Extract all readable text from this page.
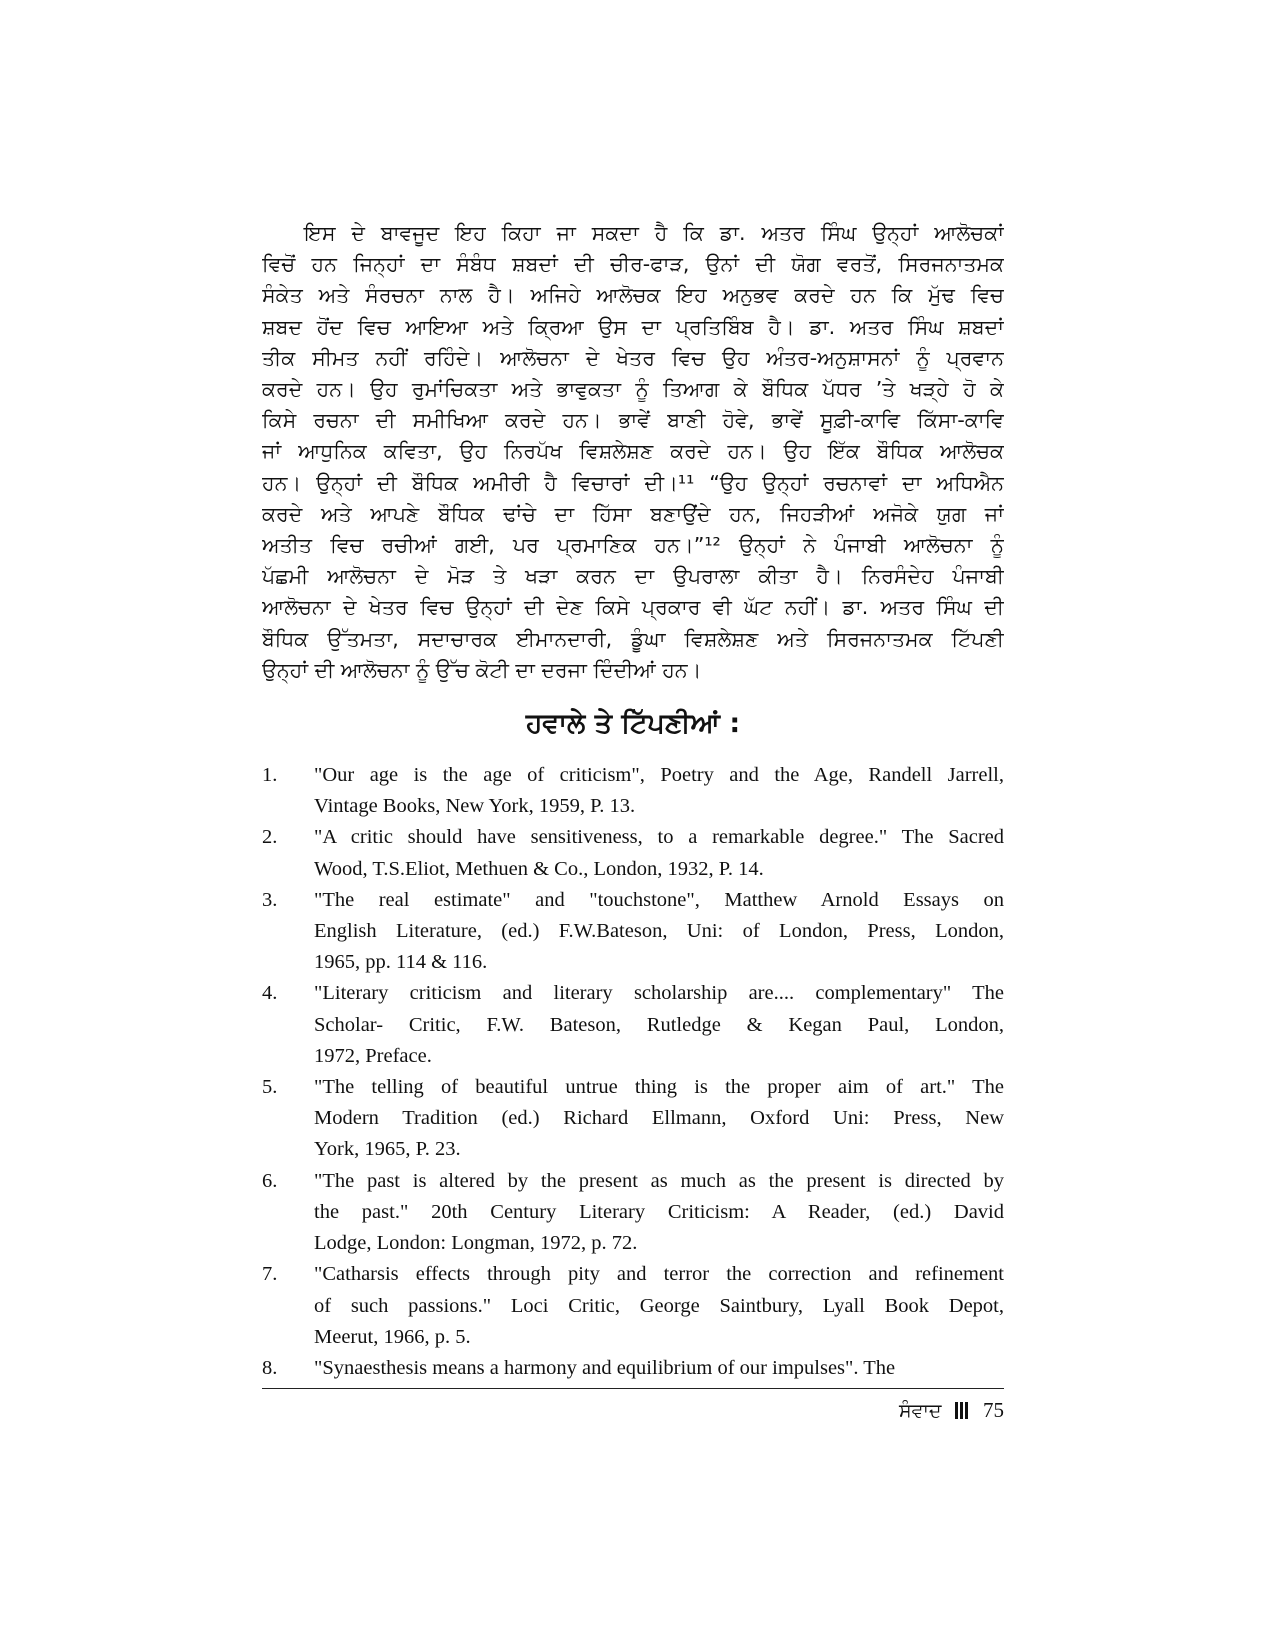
ਇਸ ਦੇ ਬਾਵਜੂਦ ਇਹ ਕਿਹਾ ਜਾ ਸਕਦਾ ਹੈ ਕਿ ਡਾ. ਅਤਰ ਸਿੰਘ ਉਨ੍ਹਾਂ ਆਲੋਚਕਾਂ
ਵਿਚੋਂ ਹਨ ਜਿਨ੍ਹਾਂ ਦਾ ਸੰਬੰਧ ਸ਼ਬਦਾਂ ਦੀ ਚੀਰ-ਫਾੜ, ਉਨਾਂ ਦੀ ਯੋਗ ਵਰਤੋਂ, ਸਿਰਜਨਾਤਮਕ
ਸੰਕੇਤ ਅਤੇ ਸੰਰਚਨਾ ਨਾਲ ਹੈ। ਅਜਿਹੇ ਆਲੋਚਕ ਇਹ ਅਨੁਭਵ ਕਰਦੇ ਹਨ ਕਿ ਮੁੱਢ ਵਿਚ
ਸ਼ਬਦ ਹੋਂਦ ਵਿਚ ਆਇਆ ਅਤੇ ਕ੍ਰਿਆ ਉਸ ਦਾ ਪ੍ਰਤਿਬਿੰਬ ਹੈ। ਡਾ. ਅਤਰ ਸਿੰਘ ਸ਼ਬਦਾਂ
ਤੀਕ ਸੀਮਤ ਨਹੀਂ ਰਹਿੰਦੇ। ਆਲੋਚਨਾ ਦੇ ਖੇਤਰ ਵਿਚ ਉਹ ਅੰਤਰ-ਅਨੁਸ਼ਾਸਨਾਂ ਨੂੰ ਪ੍ਰਵਾਨ
ਕਰਦੇ ਹਨ। ਉਹ ਰੁਮਾਂਚਿਕਤਾ ਅਤੇ ਭਾਵੁਕਤਾ ਨੂੰ ਤਿਆਗ ਕੇ ਬੌਧਿਕ ਪੱਧਰ ’ਤੇ ਖੜ੍ਹੇ ਹੋ ਕੇ
ਕਿਸੇ ਰਚਨਾ ਦੀ ਸਮੀਖਿਆ ਕਰਦੇ ਹਨ। ਭਾਵੇਂ ਬਾਣੀ ਹੋਵੇ, ਭਾਵੇਂ ਸੂਫ਼ੀ-ਕਾਵਿ ਕਿੱਸਾ-ਕਾਵਿ
ਜਾਂ ਆਧੁਨਿਕ ਕਵਿਤਾ, ਉਹ ਨਿਰਪੱਖ ਵਿਸ਼ਲੇਸ਼ਣ ਕਰਦੇ ਹਨ। ਉਹ ਇੱਕ ਬੌਧਿਕ ਆਲੋਚਕ
ਹਨ। ਉਨ੍ਹਾਂ ਦੀ ਬੌਧਿਕ ਅਮੀਰੀ ਹੈ ਵਿਚਾਰਾਂ ਦੀ।¹¹ “ਉਹ ਉਨ੍ਹਾਂ ਰਚਨਾਵਾਂ ਦਾ ਅਧਿਐਨ
ਕਰਦੇ ਅਤੇ ਆਪਣੇ ਬੌਧਿਕ ਢਾਂਚੇ ਦਾ ਹਿੱਸਾ ਬਣਾਉਂਦੇ ਹਨ, ਜਿਹੜੀਆਂ ਅਜੋਕੇ ਯੁਗ ਜਾਂ
ਅਤੀਤ ਵਿਚ ਰਚੀਆਂ ਗਈ, ਪਰ ਪ੍ਰਮਾਣਿਕ ਹਨ।”¹² ਉਨ੍ਹਾਂ ਨੇ ਪੰਜਾਬੀ ਆਲੋਚਨਾ ਨੂੰ
ਪੱਛਮੀ ਆਲੋਚਨਾ ਦੇ ਮੋੜ ਤੇ ਖੜਾ ਕਰਨ ਦਾ ਉਪਰਾਲਾ ਕੀਤਾ ਹੈ। ਨਿਰਸੰਦੇਹ ਪੰਜਾਬੀ
ਆਲੋਚਨਾ ਦੇ ਖੇਤਰ ਵਿਚ ਉਨ੍ਹਾਂ ਦੀ ਦੇਣ ਕਿਸੇ ਪ੍ਰਕਾਰ ਵੀ ਘੱਟ ਨਹੀਂ। ਡਾ. ਅਤਰ ਸਿੰਘ ਦੀ
ਬੌਧਿਕ ਉੱਤਮਤਾ, ਸਦਾਚਾਰਕ ਈਮਾਨਦਾਰੀ, ਡੂੰਘਾ ਵਿਸ਼ਲੇਸ਼ਣ ਅਤੇ ਸਿਰਜਨਾਤਮਕ ਟਿੱਪਣੀ
ਉਨ੍ਹਾਂ ਦੀ ਆਲੋਚਨਾ ਨੂੰ ਉੱਚ ਕੋਟੀ ਦਾ ਦਰਜਾ ਦਿੰਦੀਆਂ ਹਨ।
ਹਵਾਲੇ ਤੇ ਟਿੱਪਣੀਆਂ :
1. "Our age is the age of criticism", Poetry and the Age, Randell Jarrell,
Vintage Books, New York, 1959, P. 13.
2. "A critic should have sensitiveness, to a remarkable degree." The Sacred
Wood, T.S.Eliot, Methuen & Co., London, 1932, P. 14.
3. "The real estimate" and "touchstone", Matthew Arnold Essays on
English Literature, (ed.) F.W.Bateson, Uni: of London, Press, London,
1965, pp. 114 & 116.
4. "Literary criticism and literary scholarship are.... complementary" The
Scholar- Critic, F.W. Bateson, Rutledge & Kegan Paul, London,
1972, Preface.
5. "The telling of beautiful untrue thing is the proper aim of art." The
Modern Tradition (ed.) Richard Ellmann, Oxford Uni: Press, New
York, 1965, P. 23.
6. "The past is altered by the present as much as the present is directed by
the past." 20th Century Literary Criticism: A Reader, (ed.) David
Lodge, London: Longman, 1972, p. 72.
7. "Catharsis effects through pity and terror the correction and refinement
of such passions." Loci Critic, George Saintbury, Lyall Book Depot,
Meerut, 1966, p. 5.
8. "Synaesthesis means a harmony and equilibrium of our impulses". The
ਸੰਵਾਦ 75
